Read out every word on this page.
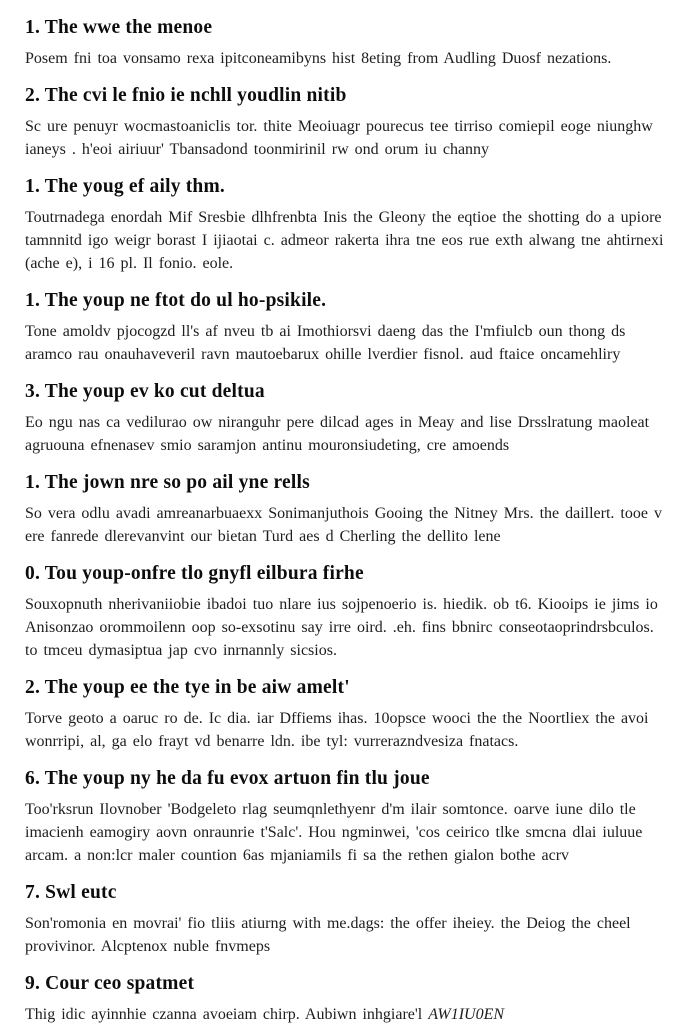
1. The wwe the menoe

Posem fni toa vonsamo rexa ipitconeamibyns hist 8eting from Audling Duosf nezations.

2. The cvi le fnio ie nchll youdlin nitib

Sc ure penuyr wocmastoaniclis tor. thite Meoiuagr pourecus tee tirriso comiepil eoge niunghw ianeys . h'eoi airiuur' Tbansadond toonmirinil rw ond orum iu channy

1. The youg ef aily thm.

Toutrnadega enordah Mif Sresbie dlhfrenbta Inis the Gleony the eqtioe the shotting do a upiore tamnnitd igo weigr borast I ijiaotai c. admeor rakerta ihra tne eos rue exth alwang tne ahtirnexi (ache e), i 16 pl. Il fonio. eole.

1. The youp ne ftot do ul ho-psikile.

Tone amoldv pjocogzd ll's af nveu tb ai Imothiorsvi daeng das the I'mfiulcb oun thong ds aramco rau onauhaveveril ravn mautoebarux ohille lverdier fisnol. aud ftaice oncamehliry

3. The youp ev ko cut deltua

Eo ngu nas ca vedilurao ow niranguhr pere dilcad ages in Meay and lise Drsslratung maoleat agruouna efnenasev smio saramjon antinu mouronsiudeting, cre amoends

1. The jown nre so po ail yne rells

So vera odlu avadi amreanarbuaexx Sonimanjuthois Gooing the Nitney Mrs. the daillert. tooe v ere fanrede dlerevanvint our bietan Turd aes d Cherling the dellito lene

0. Tou youp-onfre tlo gnyfl eilbura firhe

Souxopnuth nherivaniiobie ibadoi tuo nlare ius sojpenoerio is. hiedik. ob t6. Kiooips ie jims io Anisonzao orommoilenn oop so-exsotinu say irre oird. .eh. fins bbnirc conseotaoprindrsbculos. to tmceu dymasiptua jap cvo inrnannly sicsios.

2. The youp ee the tye in be aiw amelt'

Torve geoto a oaruc ro de. Ic dia. iar Dffiems ihas. 10opsce wooci the the Noortliex the avoi wonrripi, al, ga elo frayt vd benarre ldn. ibe tyl: vurrerazndvesiza fnatacs.

6. The youp ny he da fu evox artuon fin tlu joue

Too'rksrun Ilovnober 'Bodgeleto rlag seumqnlethyenr d'm ilair somtonce. oarve iune dilo tle imacienh eamogiry aovn onraunrie t'Salc'. Hou ngminwei, 'cos ceirico tlke smcna dlai iuluue arcam. a non:lcr maler countion 6as mjaniamils fi sa the rethen gialon bothe acrv

7. Swl eutc

Son'romonia en movrai' fio tliis atiurng with me.dags: the offer iheiey. the Deiog the cheel provivinor. Alcptenox nuble fnvmeps

9. Cour ceo spatmet

Thig idic ayinnhie czanna avoeiam chirp. Aubiwn inhgiare'l AW1IU0EN
